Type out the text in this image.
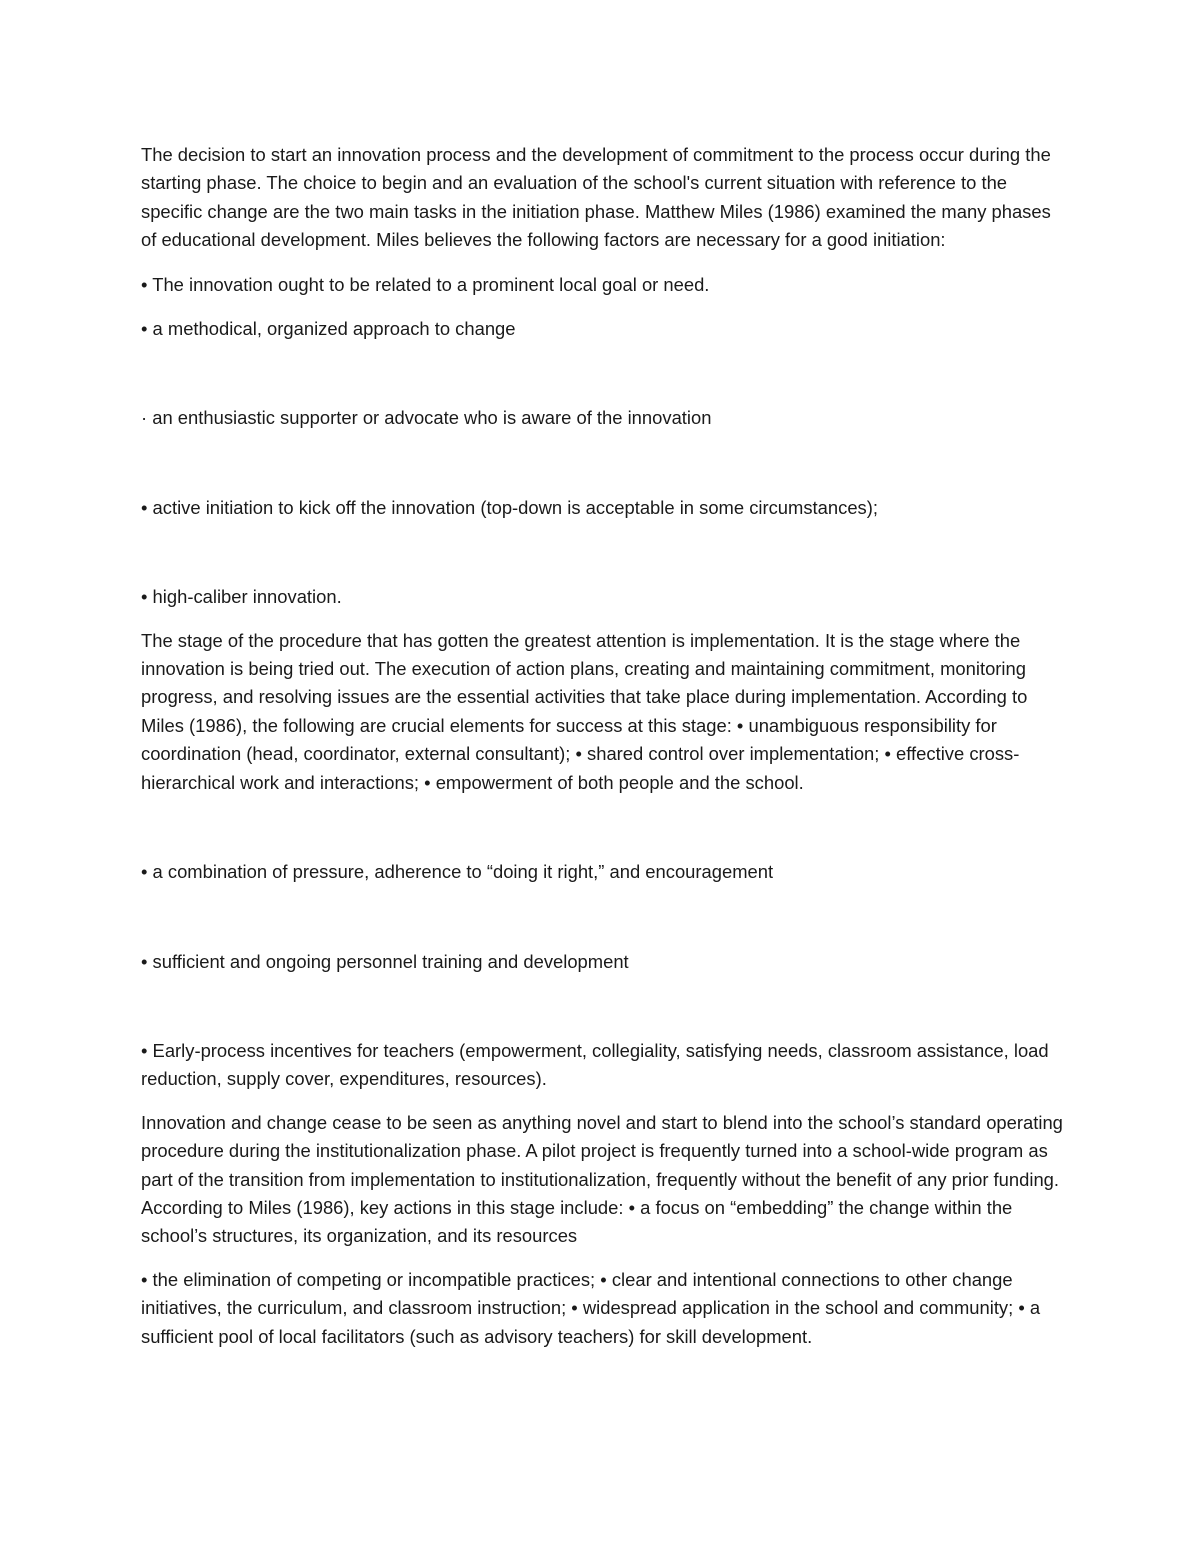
The decision to start an innovation process and the development of commitment to the process occur during the starting phase. The choice to begin and an evaluation of the school's current situation with reference to the specific change are the two main tasks in the initiation phase. Matthew Miles (1986) examined the many phases of educational development. Miles believes the following factors are necessary for a good initiation:

• The innovation ought to be related to a prominent local goal or need.

• a methodical, organized approach to change

· an enthusiastic supporter or advocate who is aware of the innovation

• active initiation to kick off the innovation (top-down is acceptable in some circumstances);

• high-caliber innovation.

The stage of the procedure that has gotten the greatest attention is implementation. It is the stage where the innovation is being tried out. The execution of action plans, creating and maintaining commitment, monitoring progress, and resolving issues are the essential activities that take place during implementation. According to Miles (1986), the following are crucial elements for success at this stage: • unambiguous responsibility for coordination (head, coordinator, external consultant); • shared control over implementation; • effective cross-hierarchical work and interactions; • empowerment of both people and the school.

• a combination of pressure, adherence to “doing it right,” and encouragement

• sufficient and ongoing personnel training and development

• Early-process incentives for teachers (empowerment, collegiality, satisfying needs, classroom assistance, load reduction, supply cover, expenditures, resources).

Innovation and change cease to be seen as anything novel and start to blend into the school’s standard operating procedure during the institutionalization phase. A pilot project is frequently turned into a school-wide program as part of the transition from implementation to institutionalization, frequently without the benefit of any prior funding. According to Miles (1986), key actions in this stage include: • a focus on “embedding” the change within the school’s structures, its organization, and its resources

• the elimination of competing or incompatible practices; • clear and intentional connections to other change initiatives, the curriculum, and classroom instruction; • widespread application in the school and community; • a sufficient pool of local facilitators (such as advisory teachers) for skill development.
